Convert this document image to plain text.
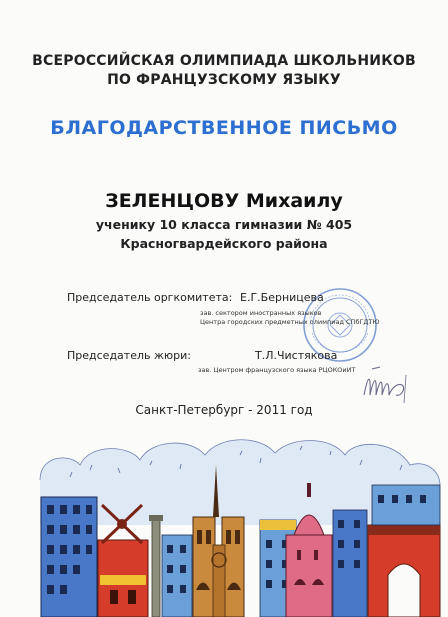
ВСЕРОССИЙСКАЯ ОЛИМПИАДА ШКОЛЬНИКОВ
ПО ФРАНЦУЗСКОМУ ЯЗЫКУ
БЛАГОДАРСТВЕННОЕ ПИСЬМО
ЗЕЛЕНЦОВУ Михаилу
ученику 10 класса гимназии № 405
Красногвардейского района
Председатель оргкомитета: Е.Г.Берницева
зав. сектором иностранных языков
Центра городских предметных олимпиад СПбГДТЮ
Председатель жюри:	Т.Л.Чистякова
зав. Центром французского языка РЦОКОиИТ
Санкт-Петербург - 2011 год
